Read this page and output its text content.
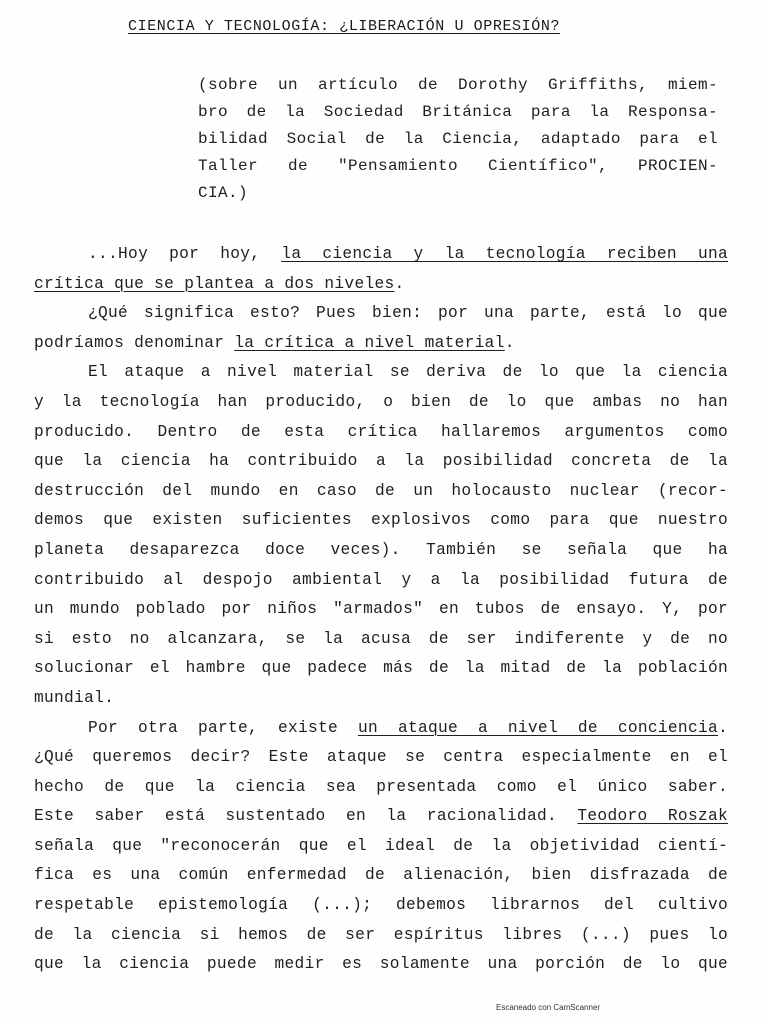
CIENCIA Y TECNOLOGÍA: ¿LIBERACIÓN U OPRESIÓN?
(sobre un artículo de Dorothy Griffiths, miem-
bro de la Sociedad Británica para la Responsa-
bilidad Social de la Ciencia, adaptado para el
Taller de "Pensamiento Científico", PROCIEN-
CIA.)
...Hoy por hoy, la ciencia y la tecnología reciben una
crítica que se plantea a dos niveles.
¿Qué significa esto? Pues bien: por una parte, está lo que
podríamos denominar la crítica a nivel material.
El ataque a nivel material se deriva de lo que la ciencia
y la tecnología han producido, o bien de lo que ambas no han
producido. Dentro de esta crítica hallaremos argumentos como
que la ciencia ha contribuido a la posibilidad concreta de la
destrucción del mundo en caso de un holocausto nuclear (recor-
demos que existen suficientes explosivos como para que nuestro
planeta desaparezca doce veces). También se señala que ha
contribuido al despojo ambiental y a la posibilidad futura de
un mundo poblado por niños "armados" en tubos de ensayo. Y, por
si esto no alcanzara, se la acusa de ser indiferente y de no
solucionar el hambre que padece más de la mitad de la población
mundial.
Por otra parte, existe un ataque a nivel de conciencia.
¿Qué queremos decir? Este ataque se centra especialmente en el
hecho de que la ciencia sea presentada como el único saber.
Este saber está sustentado en la racionalidad. Teodoro Roszak
señala que "reconocerán que el ideal de la objetividad cientí-
fica es una común enfermedad de alienación, bien disfrazada de
respetable epistemología (...); debemos librarnos del cultivo
de la ciencia si hemos de ser espíritus libres (...) pues lo
que la ciencia puede medir es solamente una porción de lo que
Escaneado con CamScanner
